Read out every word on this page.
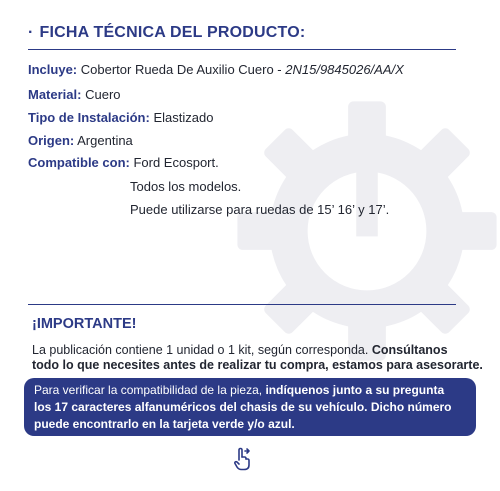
· FICHA TÉCNICA DEL PRODUCTO:
Incluye: Cobertor Rueda De Auxilio Cuero - 2N15/9845026/AA/X
Material: Cuero
Tipo de Instalación: Elastizado
Origen: Argentina
Compatible con: Ford Ecosport.
Todos los modelos.
Puede utilizarse para ruedas de 15’ 16’ y 17’.
¡IMPORTANTE!
La publicación contiene 1 unidad o 1 kit, según corresponda. Consúltanos
todo lo que necesites antes de realizar tu compra, estamos para asesorarte.
Para verificar la compatibilidad de la pieza, indíquenos junto a su pregunta
los 17 caracteres alfanuméricos del chasis de su vehículo. Dicho número
puede encontrarlo en la tarjeta verde y/o azul.
